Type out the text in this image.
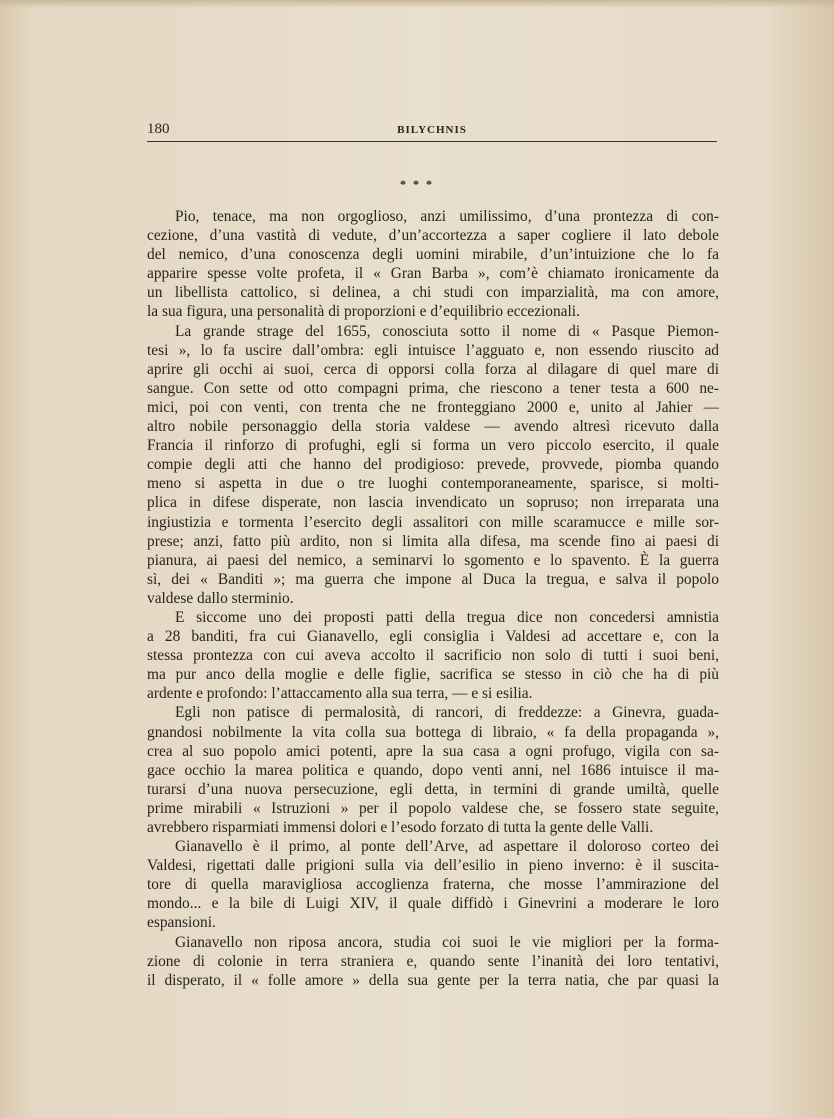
180	BILYCHNIS
* * *
Pio, tenace, ma non orgoglioso, anzi umilissimo, d’una prontezza di con-
cezione, d’una vastità di vedute, d’un’accortezza a saper cogliere il lato debole
del nemico, d’una conoscenza degli uomini mirabile, d’un’intuizione che lo fa
apparire spesse volte profeta, il « Gran Barba », com’è chiamato ironicamente da
un libellista cattolico, si delinea, a chi studi con imparzialità, ma con amore,
la sua figura, una personalità di proporzioni e d’equilibrio eccezionali.
La grande strage del 1655, conosciuta sotto il nome di « Pasque Piemon-
tesi », lo fa uscire dall’ombra: egli intuisce l’agguato e, non essendo riuscito ad
aprire gli occhi ai suoi, cerca di opporsi colla forza al dilagare di quel mare di
sangue. Con sette od otto compagni prima, che riescono a tener testa a 600 ne-
mici, poi con venti, con trenta che ne fronteggiano 2000 e, unito al Jahier —
altro nobile personaggio della storia valdese — avendo altresì ricevuto dalla
Francia il rinforzo di profughi, egli si forma un vero piccolo esercito, il quale
compie degli atti che hanno del prodigioso: prevede, provvede, piomba quando
meno si aspetta in due o tre luoghi contemporaneamente, sparisce, si molti-
plica in difese disperate, non lascia invendicato un sopruso; non irreparata una
ingiustizia e tormenta l’esercito degli assalitori con mille scaramucce e mille sor-
prese; anzi, fatto più ardito, non si limita alla difesa, ma scende fino ai paesi di
pianura, ai paesi del nemico, a seminarvi lo sgomento e lo spavento. È la guerra
sì, dei « Banditi »; ma guerra che impone al Duca la tregua, e salva il popolo
valdese dallo sterminio.
E siccome uno dei proposti patti della tregua dice non concedersi amnistia
a 28 banditi, fra cui Gianavello, egli consiglia i Valdesi ad accettare e, con la
stessa prontezza con cui aveva accolto il sacrificio non solo di tutti i suoi beni,
ma pur anco della moglie e delle figlie, sacrifica se stesso in ciò che ha di più
ardente e profondo: l’attaccamento alla sua terra, — e si esilia.
Egli non patisce di permalosità, di rancori, di freddezze: a Ginevra, guada-
gnandosi nobilmente la vita colla sua bottega di libraio, « fa della propaganda »,
crea al suo popolo amici potenti, apre la sua casa a ogni profugo, vigila con sa-
gace occhio la marea politica e quando, dopo venti anni, nel 1686 intuisce il ma-
turarsi d’una nuova persecuzione, egli detta, in termini di grande umiltà, quelle
prime mirabili « Istruzioni » per il popolo valdese che, se fossero state seguite,
avrebbero risparmiati immensi dolori e l’esodo forzato di tutta la gente delle Valli.
Gianavello è il primo, al ponte dell’Arve, ad aspettare il doloroso corteo dei
Valdesi, rigettati dalle prigioni sulla via dell’esilio in pieno inverno: è il suscita-
tore di quella maravigliosa accoglienza fraterna, che mosse l’ammirazione del
mondo... e la bile di Luigi XIV, il quale diffidò i Ginevrini a moderare le loro
espansioni.
Gianavello non riposa ancora, studia coi suoi le vie migliori per la forma-
zione di colonie in terra straniera e, quando sente l’inanità dei loro tentativi,
il disperato, il « folle amore » della sua gente per la terra natia, che par quasi la
